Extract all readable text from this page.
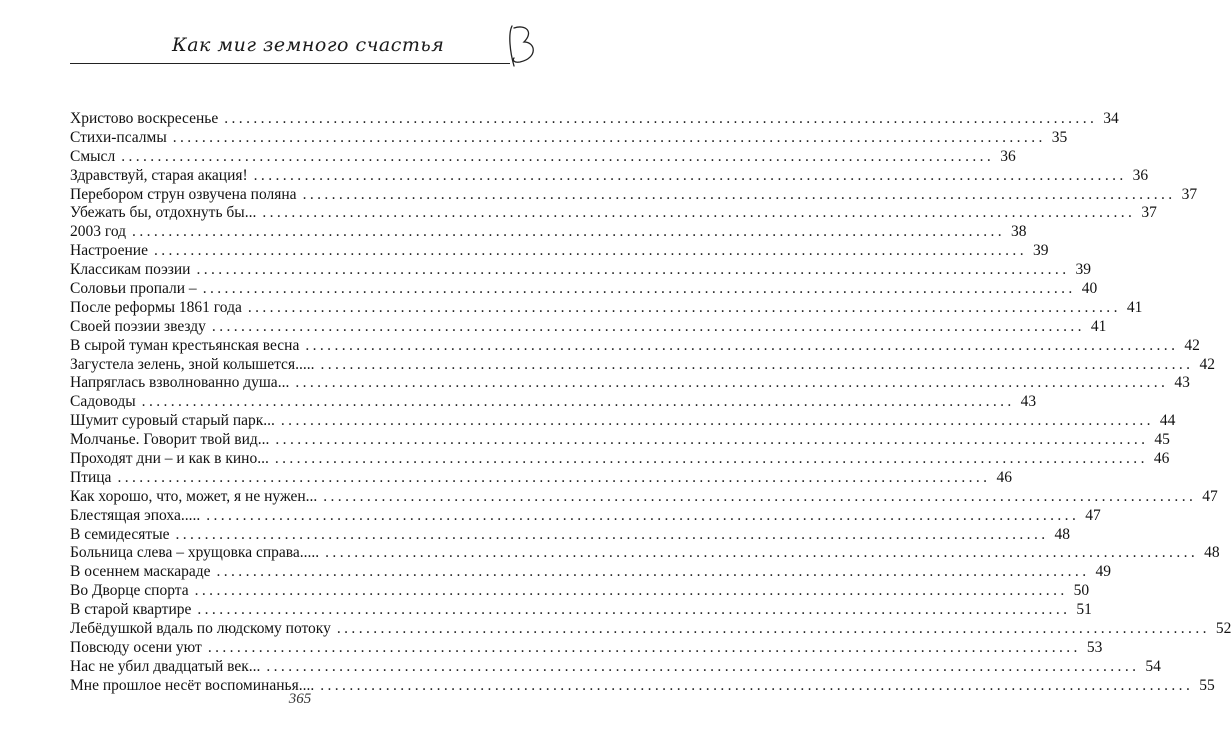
Как миг земного счастья
Христово воскресенье ........................................................................................................................ 34
Стихи-псалмы ........................................................................................................................ 35
Смысл ........................................................................................................................ 36
Здравствуй, старая акация! ........................................................................................................................ 36
Перебором струн озвучена поляна ........................................................................................................................ 37
Убежать бы, отдохнуть бы... ........................................................................................................................ 37
2003 год ........................................................................................................................ 38
Настроение ........................................................................................................................ 39
Классикам поэзии ........................................................................................................................ 39
Соловьи пропали – ........................................................................................................................ 40
После реформы 1861 года ........................................................................................................................ 41
Своей поэзии звезду ........................................................................................................................ 41
В сырой туман крестьянская весна ........................................................................................................................ 42
Загустела зелень, зной колышется..... ........................................................................................................................ 42
Напряглась взволнованно душа... ........................................................................................................................ 43
Садоводы ........................................................................................................................ 43
Шумит суровый старый парк... ........................................................................................................................ 44
Молчанье. Говорит твой вид... ........................................................................................................................ 45
Проходят дни – и как в кино... ........................................................................................................................ 46
Птица ........................................................................................................................ 46
Как хорошо, что, может, я не нужен... ........................................................................................................................ 47
Блестящая эпоха..... ........................................................................................................................ 47
В семидесятые ........................................................................................................................ 48
Больница слева – хрущовка справа..... ........................................................................................................................ 48
В осеннем маскараде ........................................................................................................................ 49
Во Дворце спорта ........................................................................................................................ 50
В старой квартире ........................................................................................................................ 51
Лебёдушкой вдаль по людскому потоку ........................................................................................................................ 52
Повсюду осени уют ........................................................................................................................ 53
Нас не убил двадцатый век... ........................................................................................................................ 54
Мне прошлое несёт воспоминанья.... ........................................................................................................................ 55
365
